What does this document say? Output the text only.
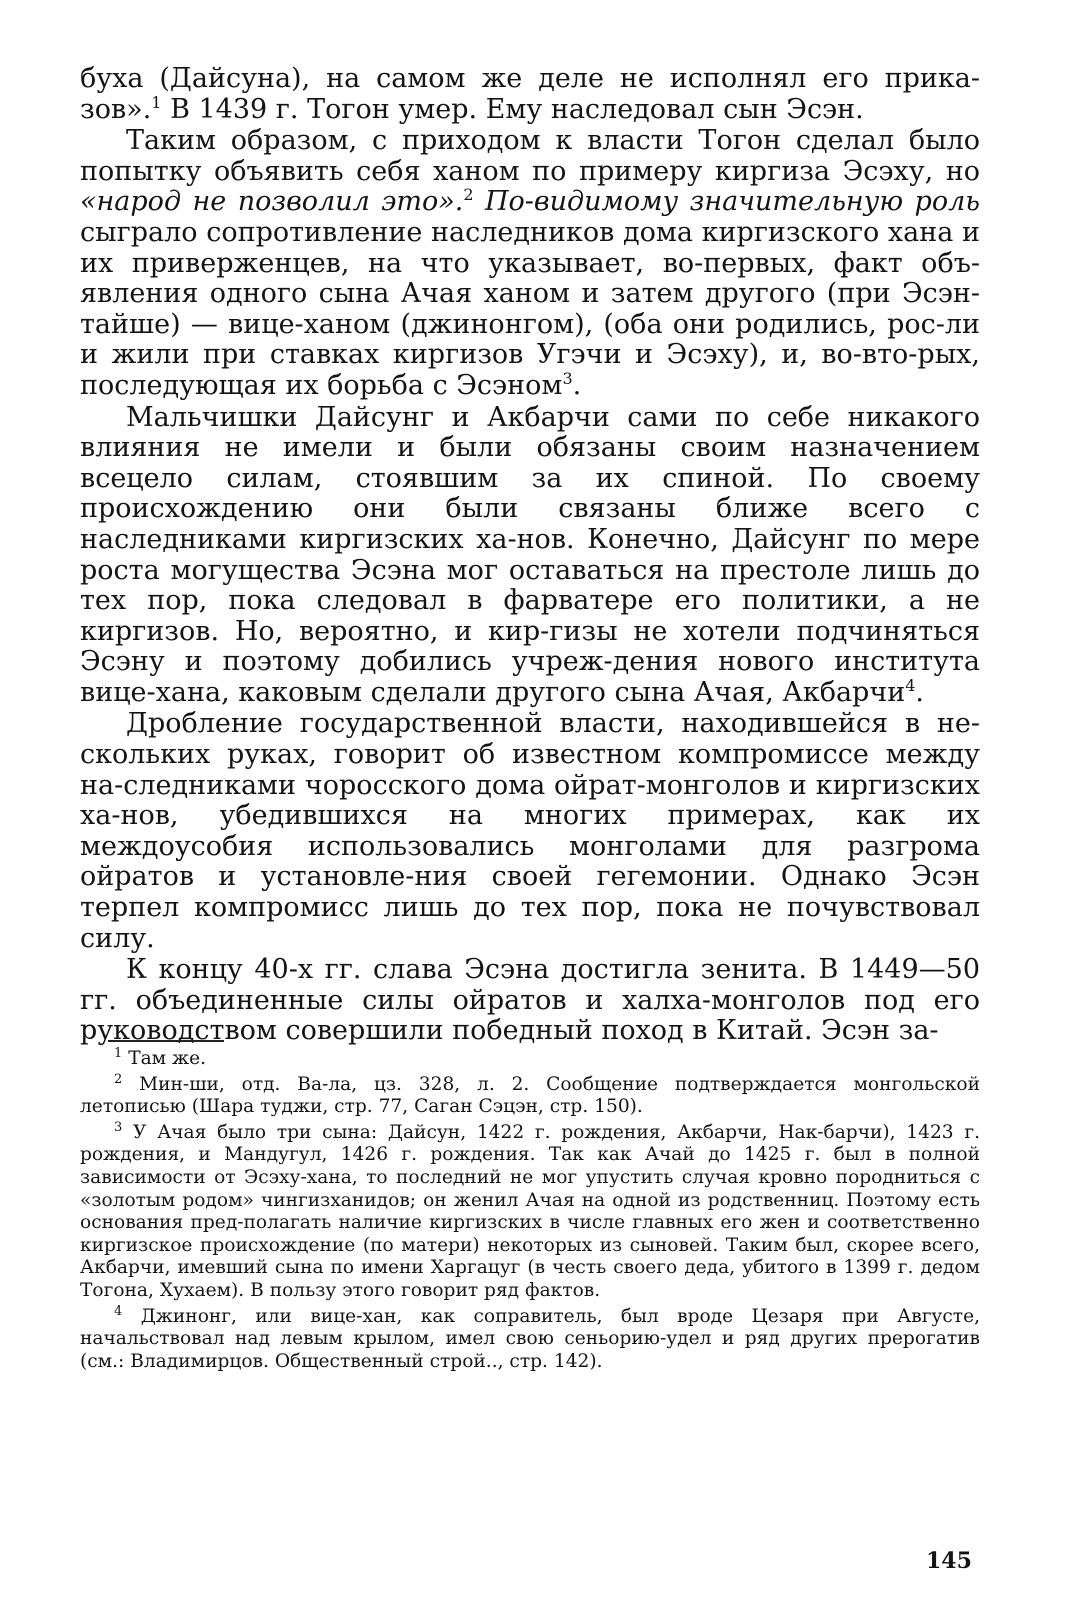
буха (Дайсуна), на самом же деле не исполнял его прика-зов».$^1$ В 1439 г. Тогон умер. Ему наследовал сын Эсэн.

Таким образом, с приходом к власти Тогон сделал было попытку объявить себя ханом по примеру киргиза Эсэху, но «народ не позволил это».$^2$ По-видимому значительную роль сыграло сопротивление наследников дома киргизского хана и их приверженцев, на что указывает, во-первых, факт объ-явления одного сына Ачая ханом и затем другого (при Эсэн-тайше) — вице-ханом (джинонгом), (оба они родились, рос-ли и жили при ставках киргизов Угэчи и Эсэху), и, во-вто-рых, последующая их борьба с Эсэном$^3$.

Мальчишки Дайсунг и Акбарчи сами по себе никакого влияния не имели и были обязаны своим назначением всецело силам, стоявшим за их спиной. По своему происхождению они были связаны ближе всего с наследниками киргизских ха-нов. Конечно, Дайсунг по мере роста могущества Эсэна мог оставаться на престоле лишь до тех пор, пока следовал в фарватере его политики, а не киргизов. Но, вероятно, и кир-гизы не хотели подчиняться Эсэну и поэтому добились учреж-дения нового института вице-хана, каковым сделали другого сына Ачая, Акбарчи$^4$.

Дробление государственной власти, находившейся в не-скольких руках, говорит об известном компромиссе между на-следниками чоросского дома ойрат-монголов и киргизских ха-нов, убедившихся на многих примерах, как их междоусобия использовались монголами для разгрома ойратов и установле-ния своей гегемонии. Однако Эсэн терпел компромисс лишь до тех пор, пока не почувствовал силу.

К концу 40-х гг. слава Эсэна достигла зенита. В 1449—50 гг. объединенные силы ойратов и халха-монголов под его руководством совершили победный поход в Китай. Эсэн за-

$^1$ Там же.

$^2$ Мин-ши, отд. Ва-ла, цз. 328, л. 2. Сообщение подтверждается монгольской летописью (Шара туджи, стр. 77, Саган Сэцэн, стр. 150).

$^3$ У Ачая было три сына: Дайсун, 1422 г. рождения, Акбарчи, Нак-барчи), 1423 г. рождения, и Мандугул, 1426 г. рождения. Так как Ачай до 1425 г. был в полной зависимости от Эсэху-хана, то последний не мог упустить случая кровно породниться с «золотым родом» чингизханидов; он женил Ачая на одной из родственниц. Поэтому есть основания пред-полагать наличие киргизских в числе главных его жен и соответственно киргизское происхождение (по матери) некоторых из сыновей. Таким был, скорее всего, Акбарчи, имевший сына по имени Харгацуг (в честь своего деда, убитого в 1399 г. дедом Тогона, Хухаем). В пользу этого говорит ряд фактов.

$^4$ Джинонг, или вице-хан, как соправитель, был вроде Цезаря при Августе, начальствовал над левым крылом, имел свою сеньорию-удел и ряд других прерогатив (см.: Владимирцов. Общественный строй.., стр. 142).

145
